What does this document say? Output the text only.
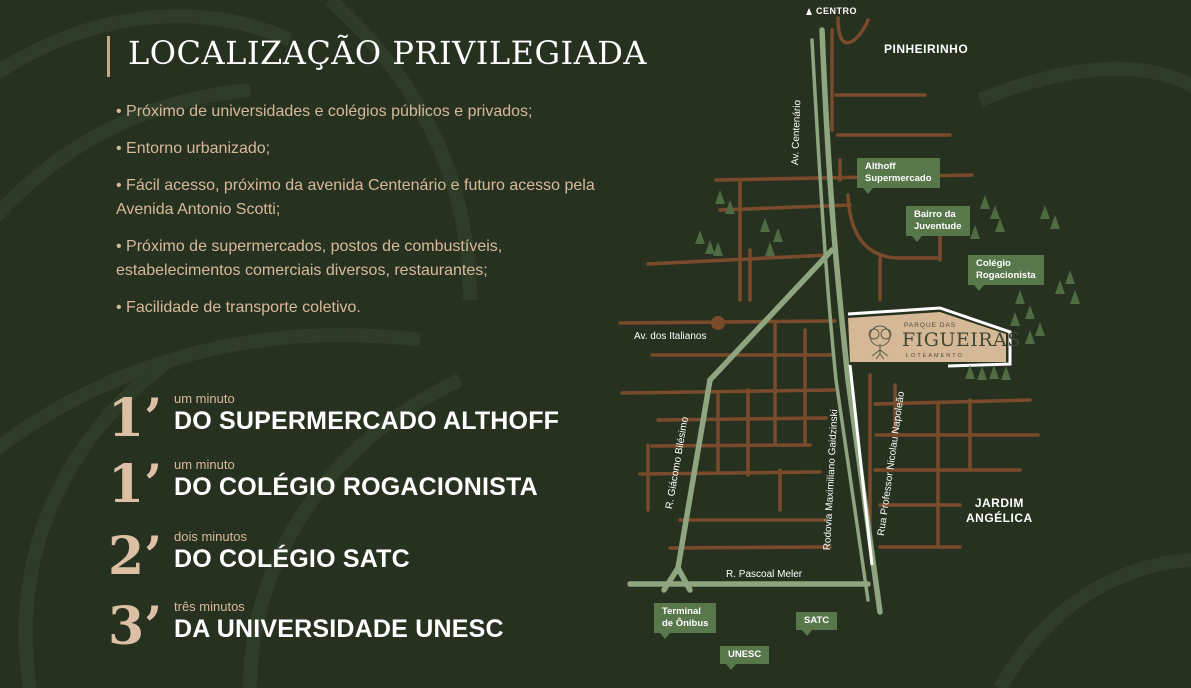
LOCALIZAÇÃO PRIVILEGIADA

• Próximo de universidades e colégios públicos e privados;

• Entorno urbanizado;

• Fácil acesso, próximo da avenida Centenário e futuro acesso pela Avenida Antonio Scotti;

• Próximo de supermercados, postos de combustíveis, estabelecimentos comerciais diversos, restaurantes;

• Facilidade de transporte coletivo.

1’ um minuto
DO SUPERMERCADO ALTHOFF
1’ um minuto
DO COLÉGIO ROGACIONISTA
2’ dois minutos
DO COLÉGIO SATC
3’ três minutos
DA UNIVERSIDADE UNESC
CENTRO
PINHEIRINHO
JARDIM
ANGÉLICA
Av. Centenário
Av. dos Italianos
R. Giácomo Bilésimo	Rodovia Maximiliano Gaidzinski	Rua Professor Nicolau Napoleão
R. Pascoal Meler
Althoff
Supermercado
Bairro da
Juventude
Colégio
Rogacionista
Terminal
de Ônibus	SATC
UNESC
PARQUE DAS
FIGUEIRAS
LOTEAMENTO
